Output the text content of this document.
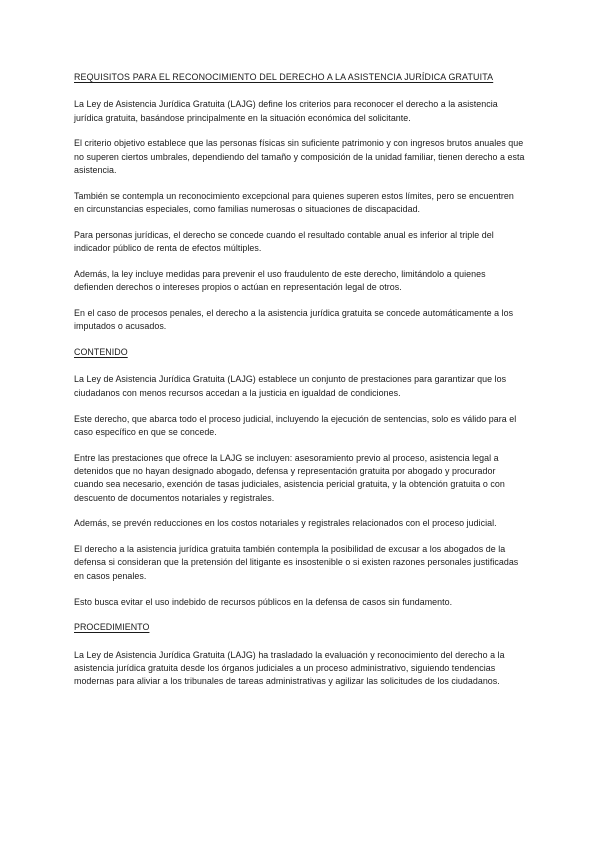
REQUISITOS PARA EL RECONOCIMIENTO DEL DERECHO A LA ASISTENCIA JURÍDICA GRATUITA

La Ley de Asistencia Jurídica Gratuita (LAJG) define los criterios para reconocer el derecho a la asistencia jurídica gratuita, basándose principalmente en la situación económica del solicitante.

El criterio objetivo establece que las personas físicas sin suficiente patrimonio y con ingresos brutos anuales que no superen ciertos umbrales, dependiendo del tamaño y composición de la unidad familiar, tienen derecho a esta asistencia.

También se contempla un reconocimiento excepcional para quienes superen estos límites, pero se encuentren en circunstancias especiales, como familias numerosas o situaciones de discapacidad.

Para personas jurídicas, el derecho se concede cuando el resultado contable anual es inferior al triple del indicador público de renta de efectos múltiples.

Además, la ley incluye medidas para prevenir el uso fraudulento de este derecho, limitándolo a quienes defienden derechos o intereses propios o actúan en representación legal de otros.

En el caso de procesos penales, el derecho a la asistencia jurídica gratuita se concede automáticamente a los imputados o acusados.

CONTENIDO

La Ley de Asistencia Jurídica Gratuita (LAJG) establece un conjunto de prestaciones para garantizar que los ciudadanos con menos recursos accedan a la justicia en igualdad de condiciones.

Este derecho, que abarca todo el proceso judicial, incluyendo la ejecución de sentencias, solo es válido para el caso específico en que se concede.

Entre las prestaciones que ofrece la LAJG se incluyen: asesoramiento previo al proceso, asistencia legal a detenidos que no hayan designado abogado, defensa y representación gratuita por abogado y procurador cuando sea necesario, exención de tasas judiciales, asistencia pericial gratuita, y la obtención gratuita o con descuento de documentos notariales y registrales.

Además, se prevén reducciones en los costos notariales y registrales relacionados con el proceso judicial.

El derecho a la asistencia jurídica gratuita también contempla la posibilidad de excusar a los abogados de la defensa si consideran que la pretensión del litigante es insostenible o si existen razones personales justificadas en casos penales.

Esto busca evitar el uso indebido de recursos públicos en la defensa de casos sin fundamento.

PROCEDIMIENTO

La Ley de Asistencia Jurídica Gratuita (LAJG) ha trasladado la evaluación y reconocimiento del derecho a la asistencia jurídica gratuita desde los órganos judiciales a un proceso administrativo, siguiendo tendencias modernas para aliviar a los tribunales de tareas administrativas y agilizar las solicitudes de los ciudadanos.
